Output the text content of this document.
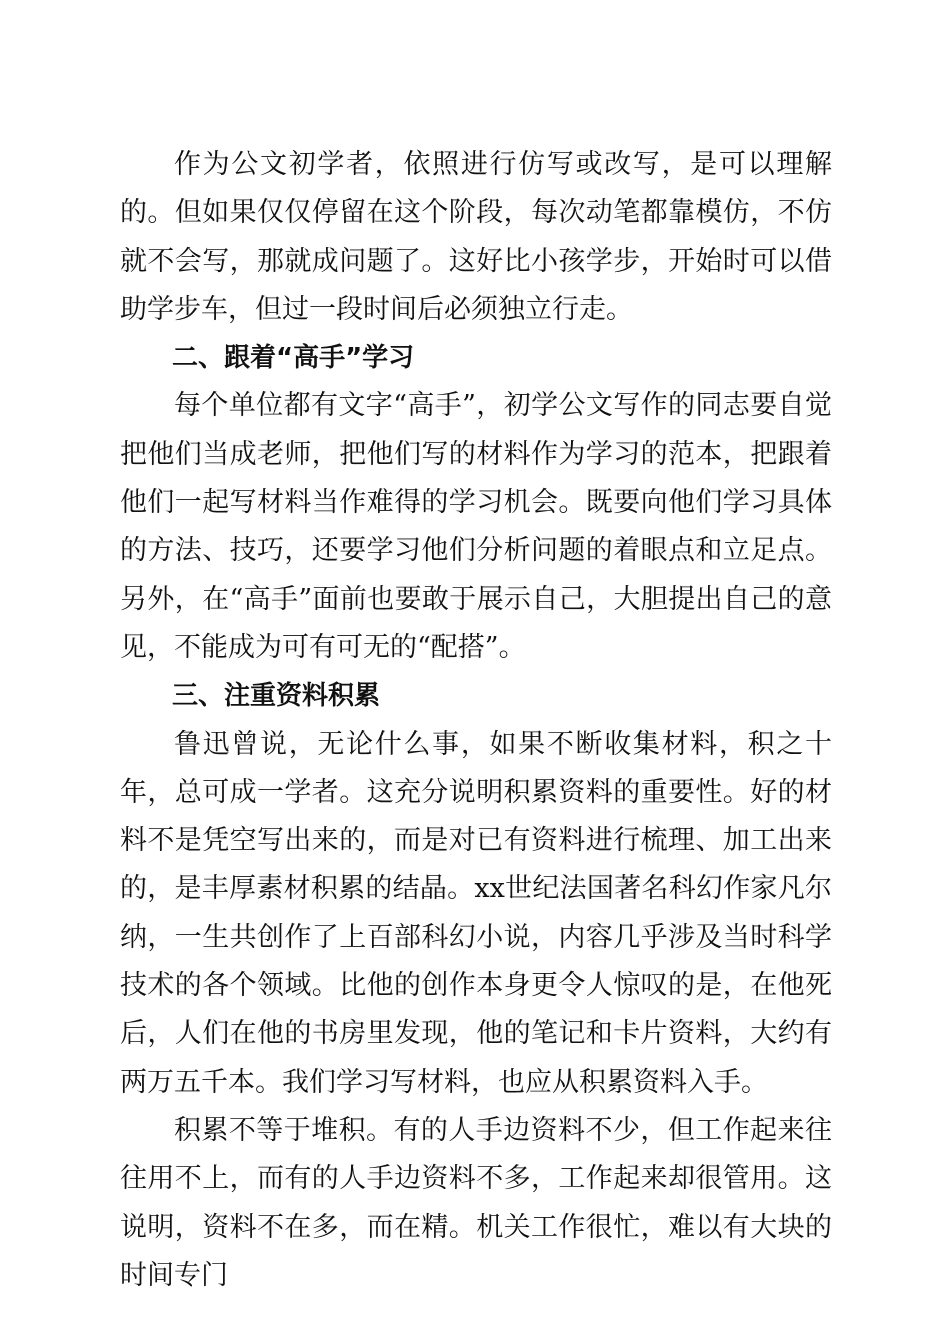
作为公文初学者，依照进行仿写或改写，是可以理解的。但如果仅仅停留在这个阶段，每次动笔都靠模仿，不仿就不会写，那就成问题了。这好比小孩学步，开始时可以借助学步车，但过一段时间后必须独立行走。

二、跟着“高手”学习

每个单位都有文字“高手”，初学公文写作的同志要自觉把他们当成老师，把他们写的材料作为学习的范本，把跟着他们一起写材料当作难得的学习机会。既要向他们学习具体的方法、技巧，还要学习他们分析问题的着眼点和立足点。另外，在“高手”面前也要敢于展示自己，大胆提出自己的意见，不能成为可有可无的“配搭”。

三、注重资料积累

鲁迅曾说，无论什么事，如果不断收集材料，积之十年，总可成一学者。这充分说明积累资料的重要性。好的材料不是凭空写出来的，而是对已有资料进行梳理、加工出来的，是丰厚素材积累的结晶。xx世纪法国著名科幻作家凡尔纳，一生共创作了上百部科幻小说，内容几乎涉及当时科学技术的各个领域。比他的创作本身更令人惊叹的是，在他死后，人们在他的书房里发现，他的笔记和卡片资料，大约有两万五千本。我们学习写材料，也应从积累资料入手。

积累不等于堆积。有的人手边资料不少，但工作起来往往用不上，而有的人手边资料不多，工作起来却很管用。这说明，资料不在多，而在精。机关工作很忙，难以有大块的时间专门
